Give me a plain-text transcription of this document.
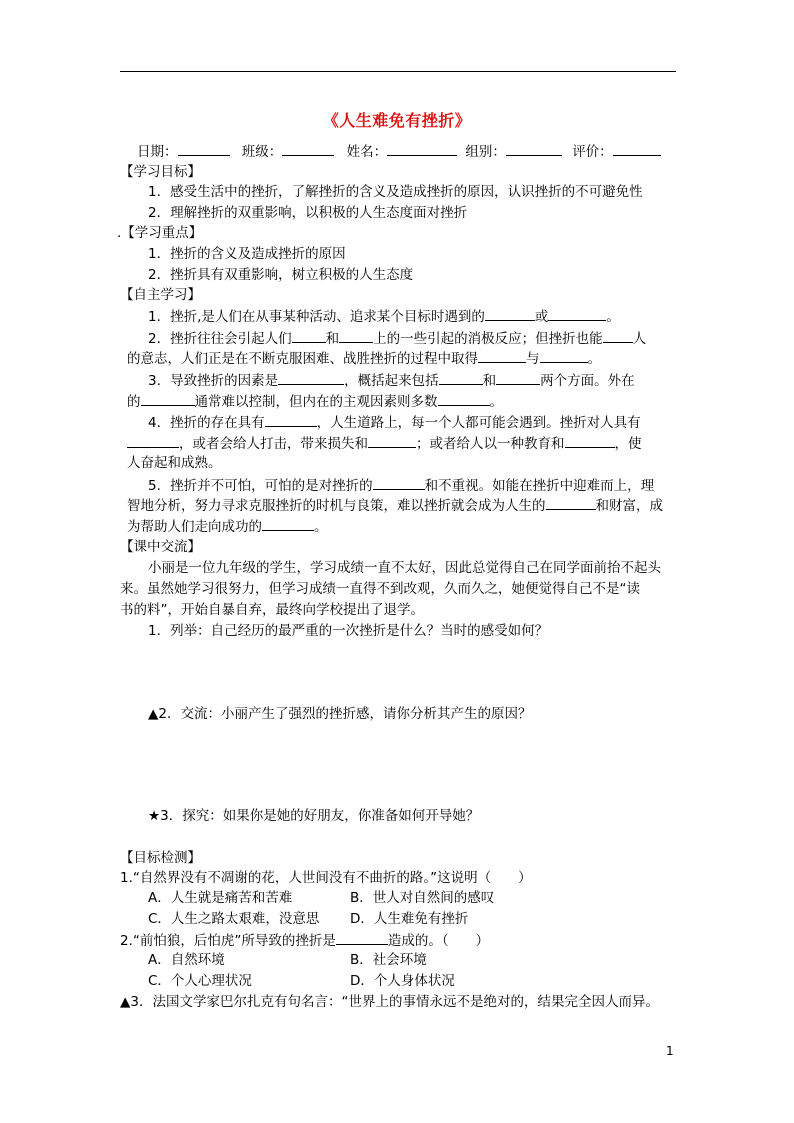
《人生难免有挫折》
日期：	班级：	姓名：	组别：	评价：
【学习目标】
1．感受生活中的挫折，了解挫折的含义及造成挫折的原因，认识挫折的不可避免性
2．理解挫折的双重影响，以积极的人生态度面对挫折
.【学习重点】
1．挫折的含义及造成挫折的原因
2．挫折具有双重影响，树立积极的人生态度
【自主学习】
1．挫折,是人们在从事某种活动、追求某个目标时遇到的	或	。
2．挫折往往会引起人们	和	上的一些引起的消极反应；但挫折也能 人
的意志，人们正是在不断克服困难、战胜挫折的过程中取得	与	。
3．导致挫折的因素是	，概括起来包括	和	两个方面。外在
的	通常难以控制，但内在的主观因素则多数	。
4．挫折的存在具有	，人生道路上，每一个人都可能会遇到。挫折对人具有
，或者会给人打击，带来损失和	；或者给人以一种教育和	，使
人奋起和成熟。
5．挫折并不可怕，可怕的是对挫折的	和不重视。如能在挫折中迎难而上，理
智地分析，努力寻求克服挫折的时机与良策，难以挫折就会成为人生的	和财富，成
为帮助人们走向成功的	。
【课中交流】
小丽是一位九年级的学生，学习成绩一直不太好，因此总觉得自己在同学面前抬不起头
来。虽然她学习很努力，但学习成绩一直得不到改观，久而久之，她便觉得自己不是“读
书的料”，开始自暴自弃，最终向学校提出了退学。
1．列举：自己经历的最严重的一次挫折是什么？当时的感受如何？
▲2．交流：小丽产生了强烈的挫折感，请你分析其产生的原因？
★3．探究：如果你是她的好朋友，你准备如何开导她？
【目标检测】
1.“自然界没有不凋谢的花，人世间没有不曲折的路。”这说明（　　）
A．人生就是痛苦和苦难	B．世人对自然间的感叹
C．人生之路太艰难，没意思 D．人生难免有挫折
2.“前怕狼，后怕虎”所导致的挫折是	造成的。（　　）
A．自然环境	B．社会环境
C．个人心理状况	D．个人身体状况
▲3．法国文学家巴尔扎克有句名言：“世界上的事情永远不是绝对的，结果完全因人而异。
1
